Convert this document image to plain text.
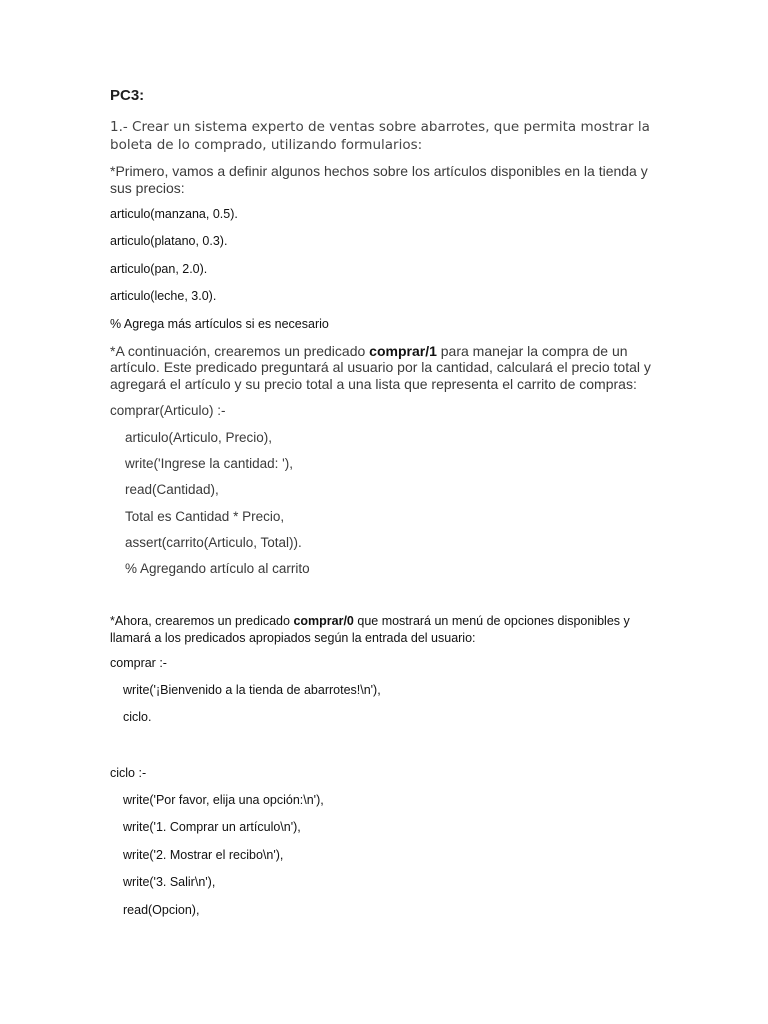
PC3:

1.- Crear un sistema experto de ventas sobre abarrotes, que permita mostrar la boleta de lo comprado, utilizando formularios:

*Primero, vamos a definir algunos hechos sobre los artículos disponibles en la tienda y sus precios:

articulo(manzana, 0.5).
articulo(platano, 0.3).
articulo(pan, 2.0).
articulo(leche, 3.0).
% Agrega más artículos si es necesario

*A continuación, crearemos un predicado comprar/1 para manejar la compra de un artículo. Este predicado preguntará al usuario por la cantidad, calculará el precio total y agregará el artículo y su precio total a una lista que representa el carrito de compras:

comprar(Articulo) :-
articulo(Articulo, Precio),
write('Ingrese la cantidad: '),
read(Cantidad),
Total es Cantidad * Precio,
assert(carrito(Articulo, Total)).
% Agregando artículo al carrito

*Ahora, crearemos un predicado comprar/0 que mostrará un menú de opciones disponibles y llamará a los predicados apropiados según la entrada del usuario:

comprar :-
write('¡Bienvenido a la tienda de abarrotes!\n'),
ciclo.
ciclo :-
write('Por favor, elija una opción:\n'),
write('1. Comprar un artículo\n'),
write('2. Mostrar el recibo\n'),
write('3. Salir\n'),
read(Opcion),
